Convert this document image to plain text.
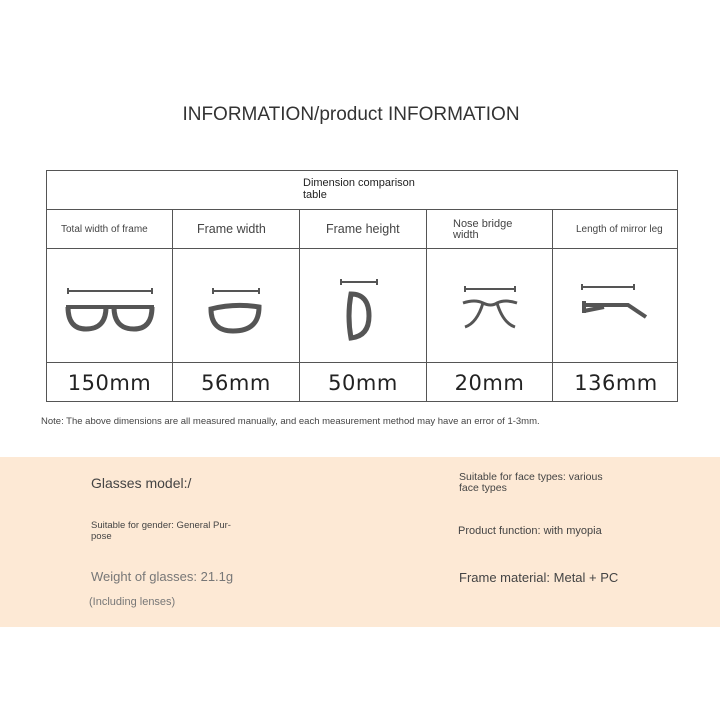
INFORMATION/product INFORMATION
Dimension comparison table
Total width of frame	Frame width	Frame height	Nose bridge width	Length of mirror leg
150mm	56mm	50mm	20mm	136mm
Note: The above dimensions are all measured manually, and each measurement method may have an error of 1-3mm.
Glasses model:/	Suitable for face types: various face types
Suitable for gender: General Pur-pose	Product function: with myopia
Weight of glasses: 21.1g
(Including lenses)
Frame material: Metal + PC
